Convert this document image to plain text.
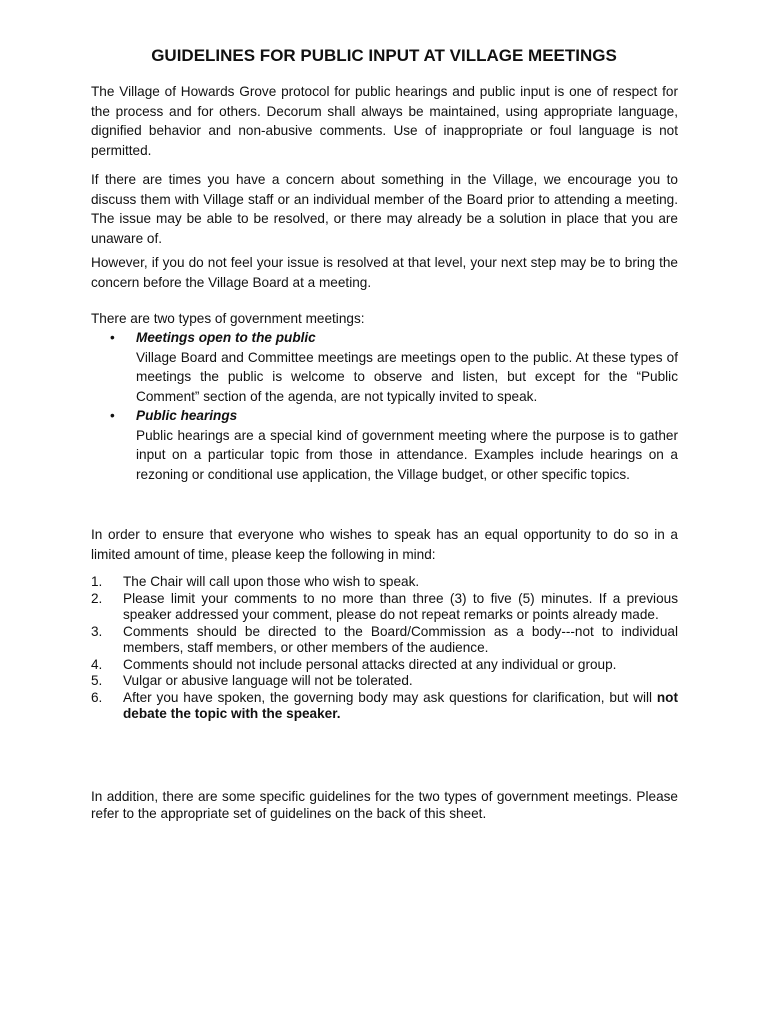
GUIDELINES FOR PUBLIC INPUT AT VILLAGE MEETINGS

The Village of Howards Grove protocol for public hearings and public input is one of respect for the process and for others. Decorum shall always be maintained, using appropriate language, dignified behavior and non-abusive comments. Use of inappropriate or foul language is not permitted.

If there are times you have a concern about something in the Village, we encourage you to discuss them with Village staff or an individual member of the Board prior to attending a meeting. The issue may be able to be resolved, or there may already be a solution in place that you are unaware of.

However, if you do not feel your issue is resolved at that level, your next step may be to bring the concern before the Village Board at a meeting.

There are two types of government meetings:

• Meetings open to the public
Village Board and Committee meetings are meetings open to the public. At these types of meetings the public is welcome to observe and listen, but except for the “Public Comment” section of the agenda, are not typically invited to speak.
• Public hearings
Public hearings are a special kind of government meeting where the purpose is to gather input on a particular topic from those in attendance. Examples include hearings on a rezoning or conditional use application, the Village budget, or other specific topics.

In order to ensure that everyone who wishes to speak has an equal opportunity to do so in a limited amount of time, please keep the following in mind:

1. The Chair will call upon those who wish to speak.
2. Please limit your comments to no more than three (3) to five (5) minutes. If a previous speaker addressed your comment, please do not repeat remarks or points already made.
3. Comments should be directed to the Board/Commission as a body---not to individual members, staff members, or other members of the audience.
4. Comments should not include personal attacks directed at any individual or group.
5. Vulgar or abusive language will not be tolerated.
6. After you have spoken, the governing body may ask questions for clarification, but will not debate the topic with the speaker.

In addition, there are some specific guidelines for the two types of government meetings. Please refer to the appropriate set of guidelines on the back of this sheet.
